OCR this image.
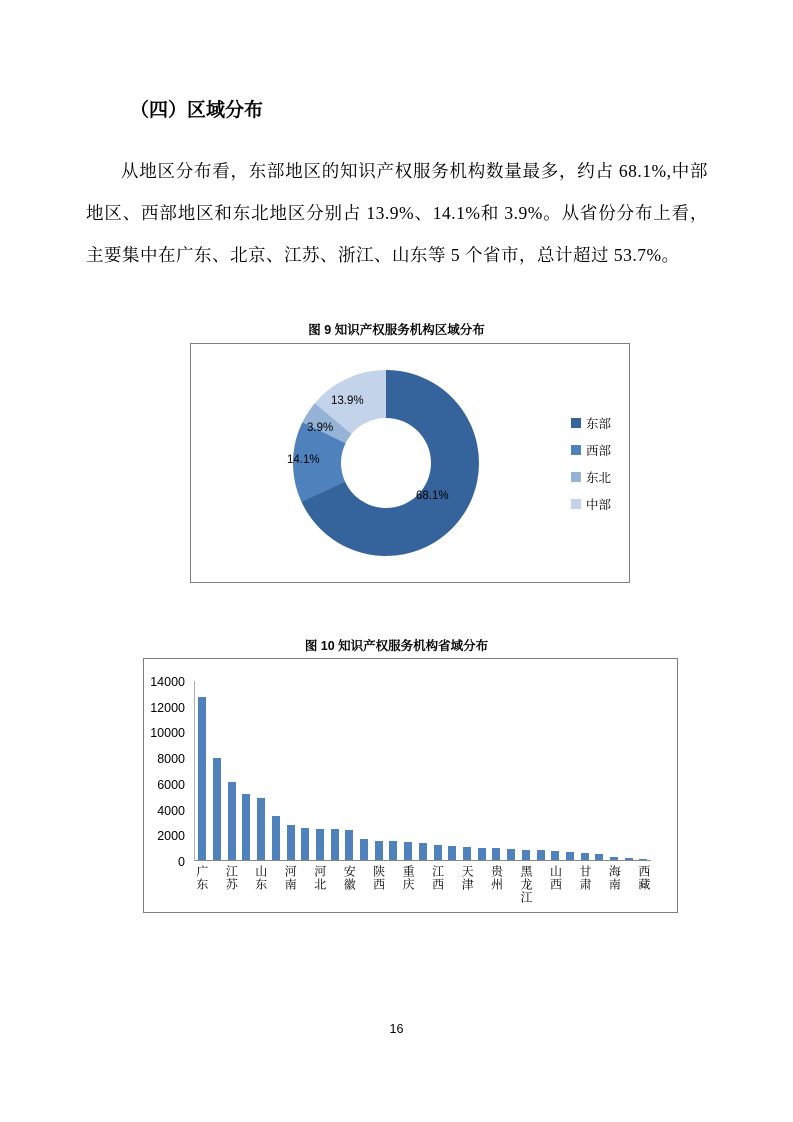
（四）区域分布
从地区分布看，东部地区的知识产权服务机构数量最多，约占 68.1%,中部地区、西部地区和东北地区分别占 13.9%、14.1%和 3.9%。从省份分布上看，主要集中在广东、北京、江苏、浙江、山东等 5 个省市，总计超过 53.7%。
图 9 知识产权服务机构区域分布
68.1%
14.1%
3.9%
13.9%
东部
西部
东北
中部
图 10 知识产权服务机构省域分布
0
2000
4000
6000
8000
10000
12000
14000
广东 江苏 山东 河南 河北 安徽 陕西 重庆 江西 天津 贵州 黑龙江 山西 甘肃 海南 西藏
16
